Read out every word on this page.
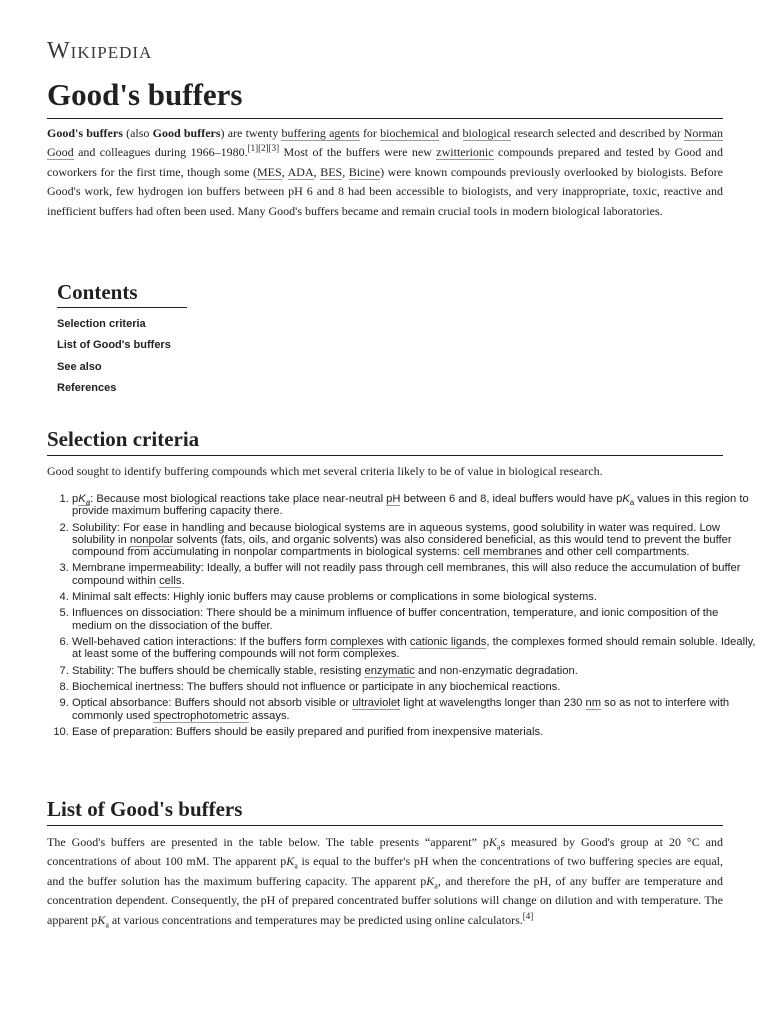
Wikipedia
Good's buffers

Good's buffers (also Good buffers) are twenty buffering agents for biochemical and biological research selected and described by Norman Good and colleagues during 1966–1980.[1][2][3] Most of the buffers were new zwitterionic compounds prepared and tested by Good and coworkers for the first time, though some (MES, ADA, BES, Bicine) were known compounds previously overlooked by biologists. Before Good's work, few hydrogen ion buffers between pH 6 and 8 had been accessible to biologists, and very inappropriate, toxic, reactive and inefficient buffers had often been used. Many Good's buffers became and remain crucial tools in modern biological laboratories.

Contents
Selection criteria
List of Good's buffers
See also
References
Selection criteria

Good sought to identify buffering compounds which met several criteria likely to be of value in biological research.

1. $pK_a$: Because most biological reactions take place near-neutral pH between 6 and 8, ideal buffers would have $pK_a$ values in this region to provide maximum buffering capacity there.
2. Solubility: For ease in handling and because biological systems are in aqueous systems, good solubility in water was required. Low solubility in nonpolar solvents (fats, oils, and organic solvents) was also considered beneficial, as this would tend to prevent the buffer compound from accumulating in nonpolar compartments in biological systems: cell membranes and other cell compartments.
3. Membrane impermeability: Ideally, a buffer will not readily pass through cell membranes, this will also reduce the accumulation of buffer compound within cells.
4. Minimal salt effects: Highly ionic buffers may cause problems or complications in some biological systems.
5. Influences on dissociation: There should be a minimum influence of buffer concentration, temperature, and ionic composition of the medium on the dissociation of the buffer.
6. Well-behaved cation interactions: If the buffers form complexes with cationic ligands, the complexes formed should remain soluble. Ideally, at least some of the buffering compounds will not form complexes.
7. Stability: The buffers should be chemically stable, resisting enzymatic and non-enzymatic degradation.
8. Biochemical inertness: The buffers should not influence or participate in any biochemical reactions.
9. Optical absorbance: Buffers should not absorb visible or ultraviolet light at wavelengths longer than 230 nm so as not to interfere with commonly used spectrophotometric assays.
10. Ease of preparation: Buffers should be easily prepared and purified from inexpensive materials.
List of Good's buffers

The Good's buffers are presented in the table below. The table presents “apparent” $pK_as$ measured by Good's group at 20 °C and concentrations of about 100 mM. The apparent $pK_a$ is equal to the buffer's pH when the concentrations of two buffering species are equal, and the buffer solution has the maximum buffering capacity. The apparent $pK_a$, and therefore the pH, of any buffer are temperature and concentration dependent. Consequently, the pH of prepared concentrated buffer solutions will change on dilution and with temperature. The apparent $pK_a$ at various concentrations and temperatures may be predicted using online calculators.[4]
